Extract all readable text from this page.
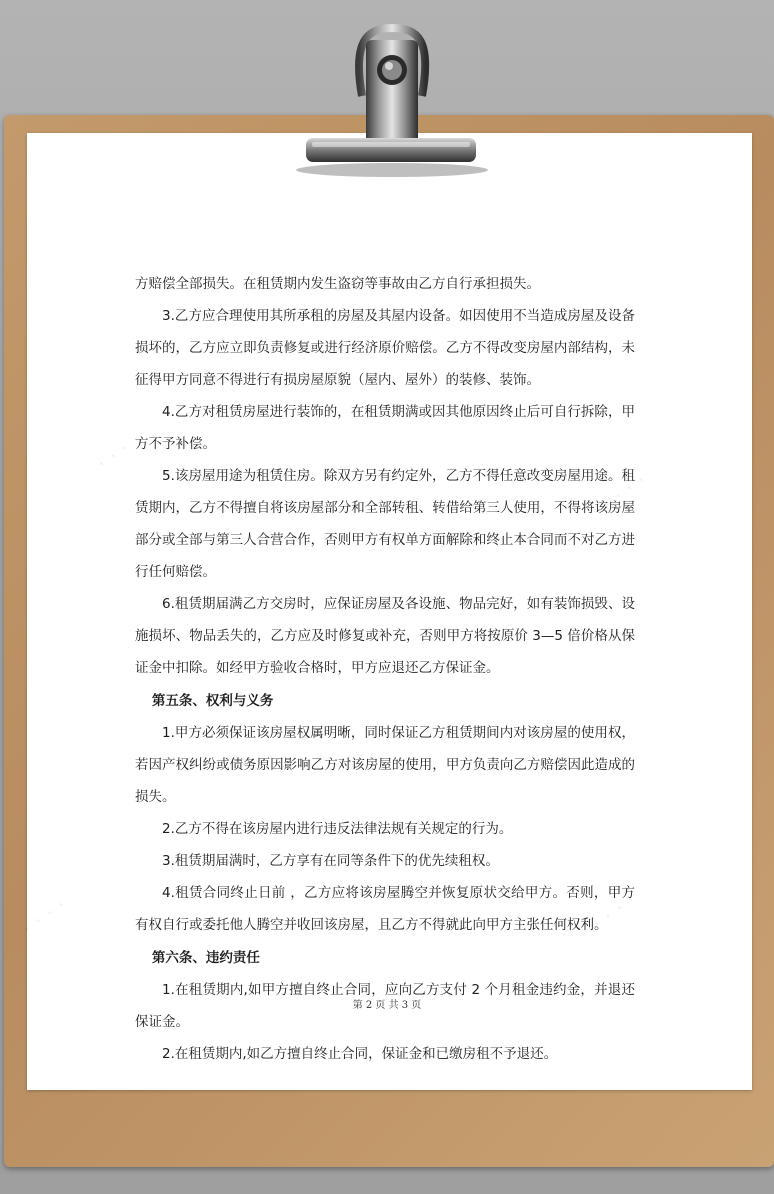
· · · ·
· · · ·
· · · ·	· · · ·

方赔偿全部损失。在租赁期内发生盗窃等事故由乙方自行承担损失。

3.乙方应合理使用其所承租的房屋及其屋内设备。如因使用不当造成房屋及设备损坏的，乙方应立即负责修复或进行经济原价赔偿。乙方不得改变房屋内部结构，未征得甲方同意不得进行有损房屋原貌（屋内、屋外）的装修、装饰。

4.乙方对租赁房屋进行装饰的，在租赁期满或因其他原因终止后可自行拆除，甲方不予补偿。

5.该房屋用途为租赁住房。除双方另有约定外，乙方不得任意改变房屋用途。租赁期内，乙方不得擅自将该房屋部分和全部转租、转借给第三人使用，不得将该房屋部分或全部与第三人合营合作，否则甲方有权单方面解除和终止本合同而不对乙方进行任何赔偿。

6.租赁期届满乙方交房时，应保证房屋及各设施、物品完好，如有装饰损毁、设施损坏、物品丢失的，乙方应及时修复或补充，否则甲方将按原价 3—5 倍价格从保证金中扣除。如经甲方验收合格时，甲方应退还乙方保证金。

第五条、权利与义务

1.甲方必须保证该房屋权属明晰，同时保证乙方租赁期间内对该房屋的使用权，若因产权纠纷或债务原因影响乙方对该房屋的使用，甲方负责向乙方赔偿因此造成的损失。

2.乙方不得在该房屋内进行违反法律法规有关规定的行为。

3.租赁期届满时，乙方享有在同等条件下的优先续租权。

4.租赁合同终止日前 ，乙方应将该房屋腾空并恢复原状交给甲方。否则，甲方有权自行或委托他人腾空并收回该房屋，且乙方不得就此向甲方主张任何权利。

第六条、违约责任

1.在租赁期内,如甲方擅自终止合同，应向乙方支付 2 个月租金违约金，并退还保证金。

2.在租赁期内,如乙方擅自终止合同，保证金和已缴房租不予退还。

第 2 页 共 3 页
